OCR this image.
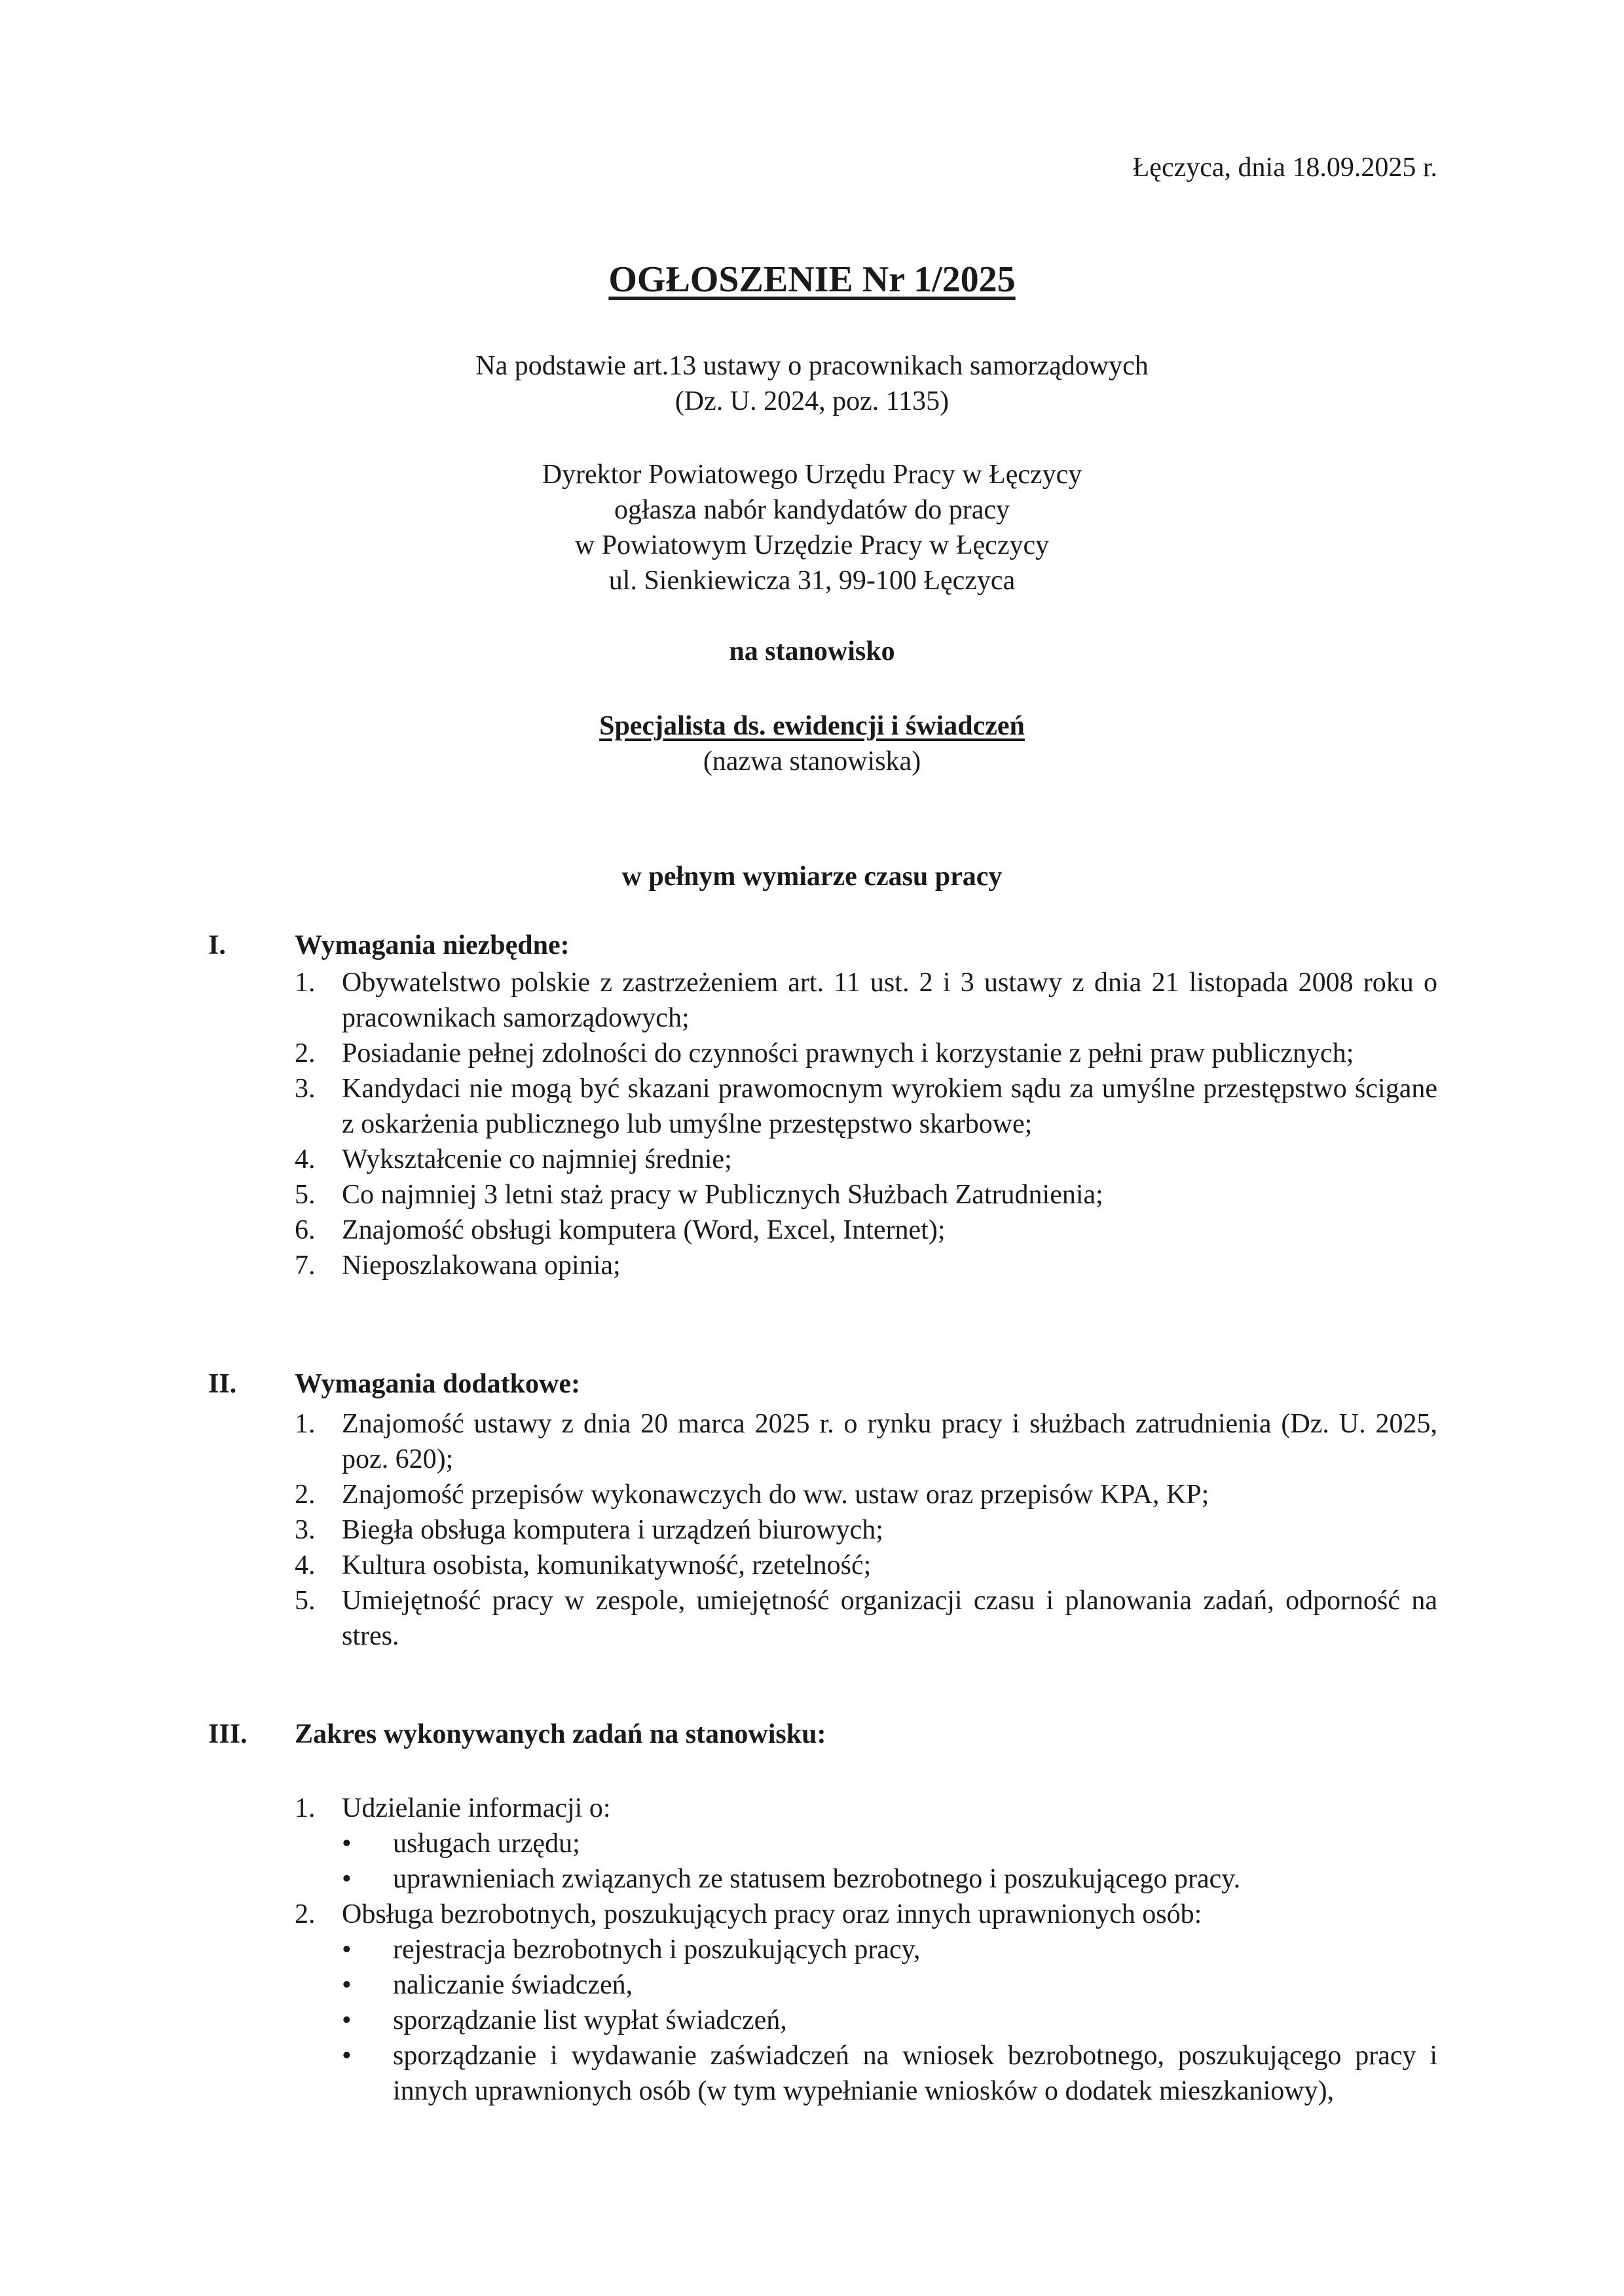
Łęczyca, dnia 18.09.2025 r.
OGŁOSZENIE Nr 1/2025
Na podstawie art.13 ustawy o pracownikach samorządowych
(Dz. U. 2024, poz. 1135)
Dyrektor Powiatowego Urzędu Pracy w Łęczycy
ogłasza nabór kandydatów do pracy
w Powiatowym Urzędzie Pracy w Łęczycy
ul. Sienkiewicza 31, 99-100 Łęczyca
na stanowisko
Specjalista ds. ewidencji i świadczeń
(nazwa stanowiska)
w pełnym wymiarze czasu pracy
I.	Wymagania niezbędne:
1. Obywatelstwo polskie z zastrzeżeniem art. 11 ust. 2 i 3 ustawy z dnia 21 listopada 2008 roku o pracownikach samorządowych;
2. Posiadanie pełnej zdolności do czynności prawnych i korzystanie z pełni praw publicznych;
3. Kandydaci nie mogą być skazani prawomocnym wyrokiem sądu za umyślne przestępstwo ścigane z oskarżenia publicznego lub umyślne przestępstwo skarbowe;
4. Wykształcenie co najmniej średnie;
5. Co najmniej 3 letni staż pracy w Publicznych Służbach Zatrudnienia;
6. Znajomość obsługi komputera (Word, Excel, Internet);
7. Nieposzlakowana opinia;
II. Wymagania dodatkowe:
1. Znajomość ustawy z dnia 20 marca 2025 r. o rynku pracy i służbach zatrudnienia (Dz. U. 2025, poz. 620);
2. Znajomość przepisów wykonawczych do ww. ustaw oraz przepisów KPA, KP;
3. Biegła obsługa komputera i urządzeń biurowych;
4. Kultura osobista, komunikatywność, rzetelność;
5. Umiejętność pracy w zespole, umiejętność organizacji czasu i planowania zadań, odporność na stres.
III. Zakres wykonywanych zadań na stanowisku:
1. Udzielanie informacji o:
•	usługach urzędu;
•	uprawnieniach związanych ze statusem bezrobotnego i poszukującego pracy.
2. Obsługa bezrobotnych, poszukujących pracy oraz innych uprawnionych osób:
•	rejestracja bezrobotnych i poszukujących pracy,
•	naliczanie świadczeń,
•	sporządzanie list wypłat świadczeń,
•	sporządzanie i wydawanie zaświadczeń na wniosek bezrobotnego, poszukującego pracy i innych uprawnionych osób (w tym wypełnianie wniosków o dodatek mieszkaniowy),
